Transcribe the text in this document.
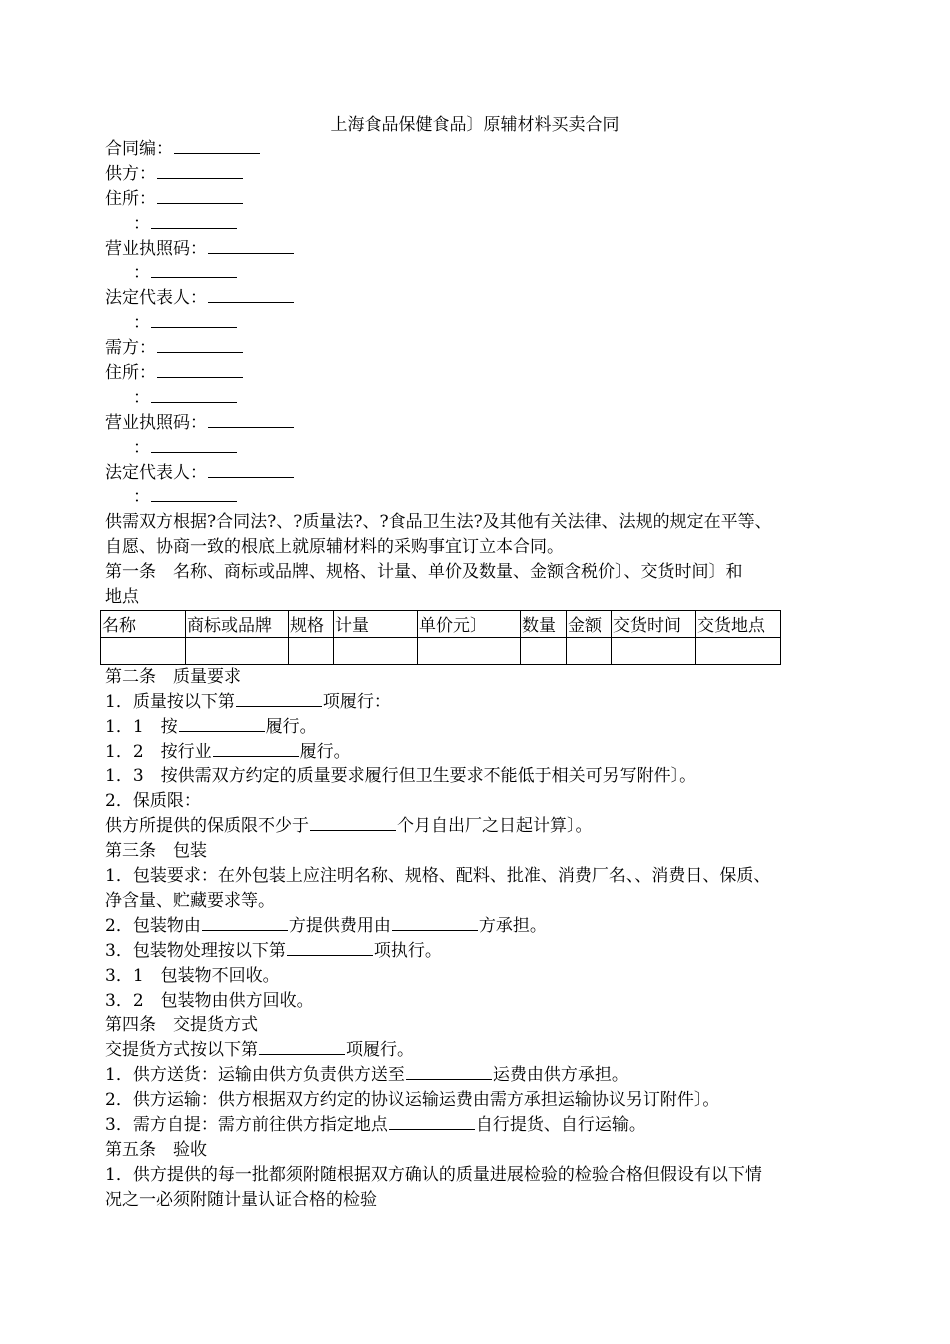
上海食品保健食品〕原辅材料买卖合同
合同编：
供方：
住所：
：
营业执照码：
：
法定代表人：
：
需方：
住所：
：
营业执照码：
：
法定代表人：
：
供需双方根据?合同法?、?质量法?、?食品卫生法?及其他有关法律、法规的规定在平等、
自愿、协商一致的根底上就原辅材料的采购事宜订立本合同。
第一条　名称、商标或品牌、规格、计量、单价及数量、金额含税价〕、交货时间〕和
地点
名称	商标或品牌	规格	计量	单价元〕	数量	金额	交货时间	交货地点

第二条　质量要求
1．质量按以下第	项履行：
1．1　按	履行。
1．2　按行业	履行。
1．3　按供需双方约定的质量要求履行但卫生要求不能低于相关可另写附件〕。
2．保质限：
供方所提供的保质限不少于	个月自出厂之日起计算〕。
第三条　包装
1．包装要求：在外包装上应注明名称、规格、配料、批准、消费厂名、、消费日、保质、
净含量、贮藏要求等。
2．包装物由	方提供费用由	方承担。
3．包装物处理按以下第	项执行。
3．1　包装物不回收。
3．2　包装物由供方回收。
第四条　交提货方式
交提货方式按以下第	项履行。
1．供方送货：运输由供方负责供方送至	运费由供方承担。
2．供方运输：供方根据双方约定的协议运输运费由需方承担运输协议另订附件〕。
3．需方自提：需方前往供方指定地点	自行提货、自行运输。
第五条　验收
1．供方提供的每一批都须附随根据双方确认的质量进展检验的检验合格但假设有以下情
况之一必须附随计量认证合格的检验
